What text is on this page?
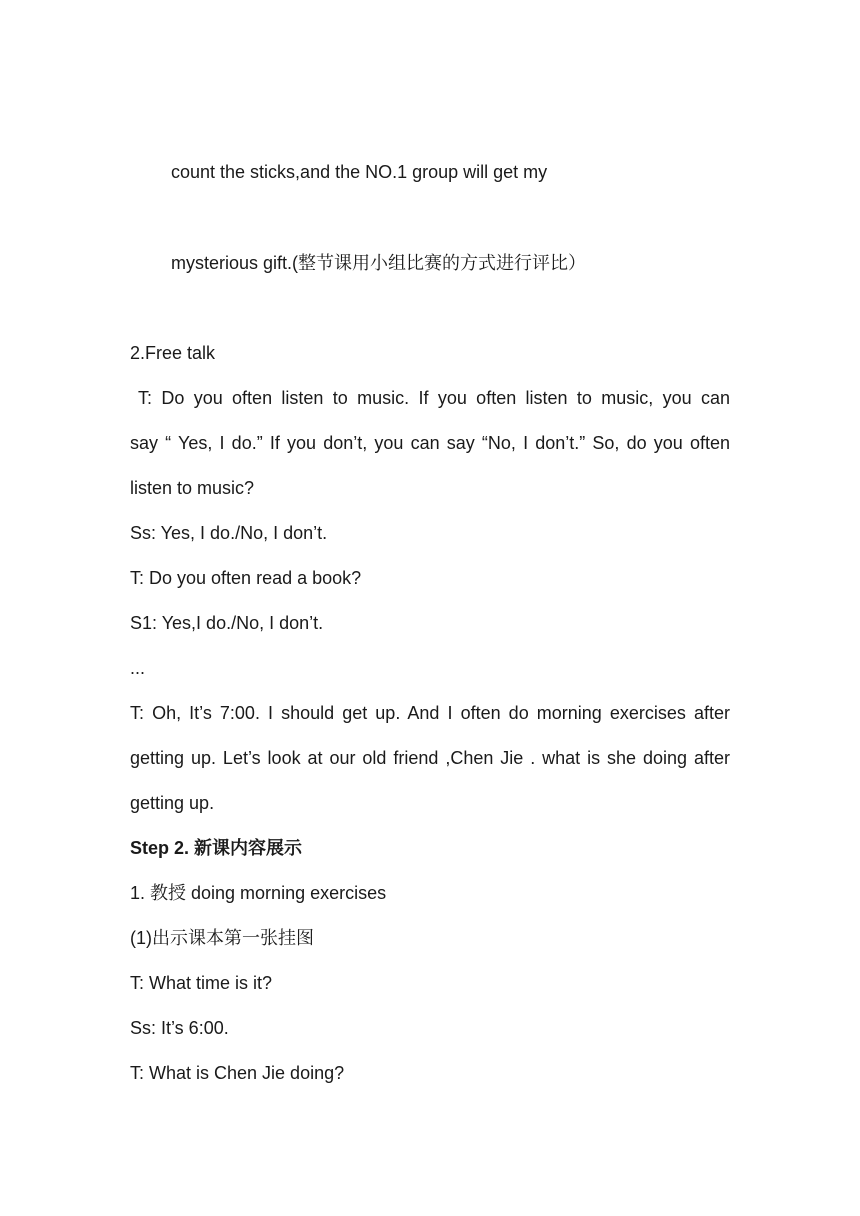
count the sticks,and the NO.1 group will get my

mysterious gift.(整节课用小组比赛的方式进行评比）

2.Free talk

T: Do you often listen to music. If you often listen to music, you can

say “ Yes, I do.” If you don’t, you can say “No, I don’t.” So, do you often

listen to music?

Ss: Yes, I do./No, I don’t.

T: Do you often read a book?

S1: Yes,I do./No, I don’t.

...

T: Oh, It’s 7:00. I should get up. And I often do morning exercises after

getting up. Let’s look at our old friend ,Chen Jie . what is she doing after

getting up.

Step 2. 新课内容展示

1. 教授 doing morning exercises

(1)出示课本第一张挂图

T: What time is it?

Ss: It’s 6:00.

T: What is Chen Jie doing?
